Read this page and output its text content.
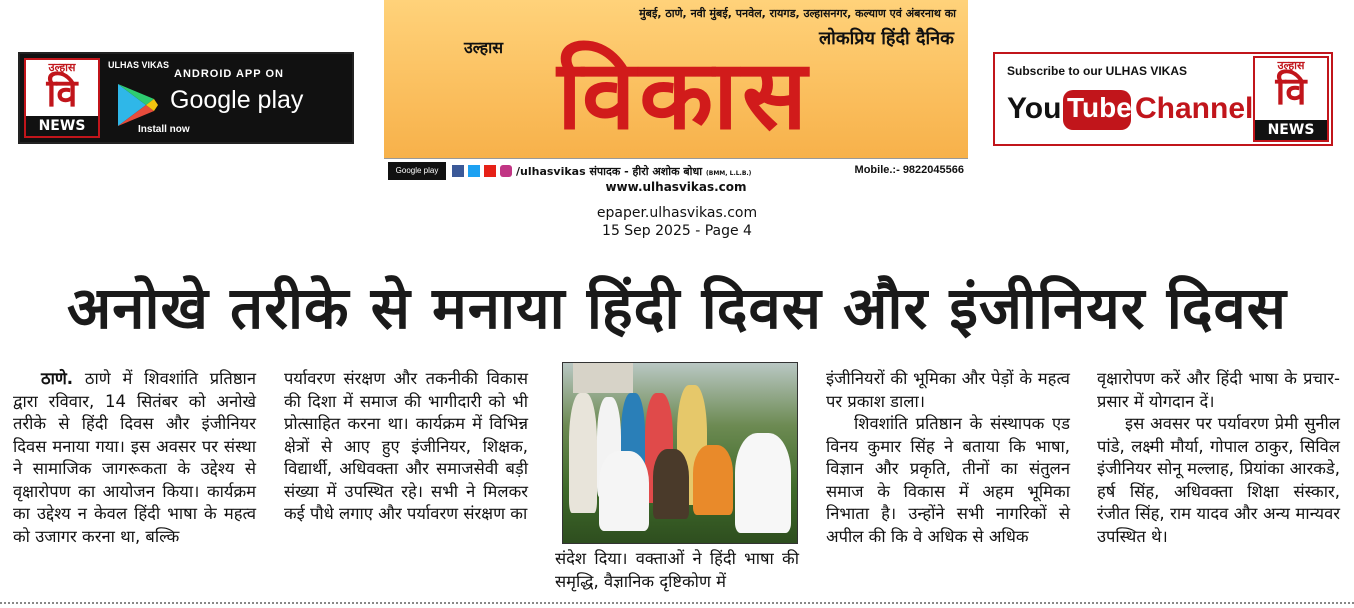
उल्हास
वि
NEWS
ULHAS VIKAS
ANDROID APP ON
Google play
Install now
मुंबई, ठाणे, नवी मुंबई, पनवेल, रायगड, उल्हासनगर, कल्याण एवं अंबरनाथ का
लोकप्रिय हिंदी दैनिक
उल्हास विकास
Google play	/ulhasvikas संपादक - हीरो अशोक बोधा (BMM, L.L.B.)	Mobile.:- 9822045566
www.ulhasvikas.com
Subscribe to our ULHAS VIKAS
You Tube Channel
उल्हास
वि
NEWS
epaper.ulhasvikas.com
15 Sep 2025 - Page 4
अनोखे तरीके से मनाया हिंदी दिवस और इंजीनियर दिवस

ठाणे. ठाणे में शिवशांति प्रतिष्ठान द्वारा रविवार, 14 सितंबर को अनोखे तरीके से हिंदी दिवस और इंजीनियर दिवस मनाया गया। इस अवसर पर संस्था ने सामाजिक जागरूकता के उद्देश्य से वृक्षारोपण का आयोजन किया। कार्यक्रम का उद्देश्य न केवल हिंदी भाषा के महत्व को उजागर करना था, बल्कि

पर्यावरण संरक्षण और तकनीकी विकास की दिशा में समाज की भागीदारी को भी प्रोत्साहित करना था। कार्यक्रम में विभिन्न क्षेत्रों से आए हुए इंजीनियर, शिक्षक, विद्यार्थी, अधिवक्ता और समाजसेवी बड़ी संख्या में उपस्थित रहे। सभी ने मिलकर कई पौधे लगाए और पर्यावरण संरक्षण का

संदेश दिया। वक्ताओं ने हिंदी भाषा की समृद्धि, वैज्ञानिक दृष्टिकोण में

इंजीनियरों की भूमिका और पेड़ों के महत्व पर प्रकाश डाला।

शिवशांति प्रतिष्ठान के संस्थापक एड विनय कुमार सिंह ने बताया कि भाषा, विज्ञान और प्रकृति, तीनों का संतुलन समाज के विकास में अहम भूमिका निभाता है। उन्होंने सभी नागरिकों से अपील की कि वे अधिक से अधिक

वृक्षारोपण करें और हिंदी भाषा के प्रचार-प्रसार में योगदान दें।

इस अवसर पर पर्यावरण प्रेमी सुनील पांडे, लक्ष्मी मौर्या, गोपाल ठाकुर, सिविल इंजीनियर सोनू मल्लाह, प्रियांका आरकडे, हर्ष सिंह, अधिवक्ता शिक्षा संस्कार, रंजीत सिंह, राम यादव और अन्य मान्यवर उपस्थित थे।
